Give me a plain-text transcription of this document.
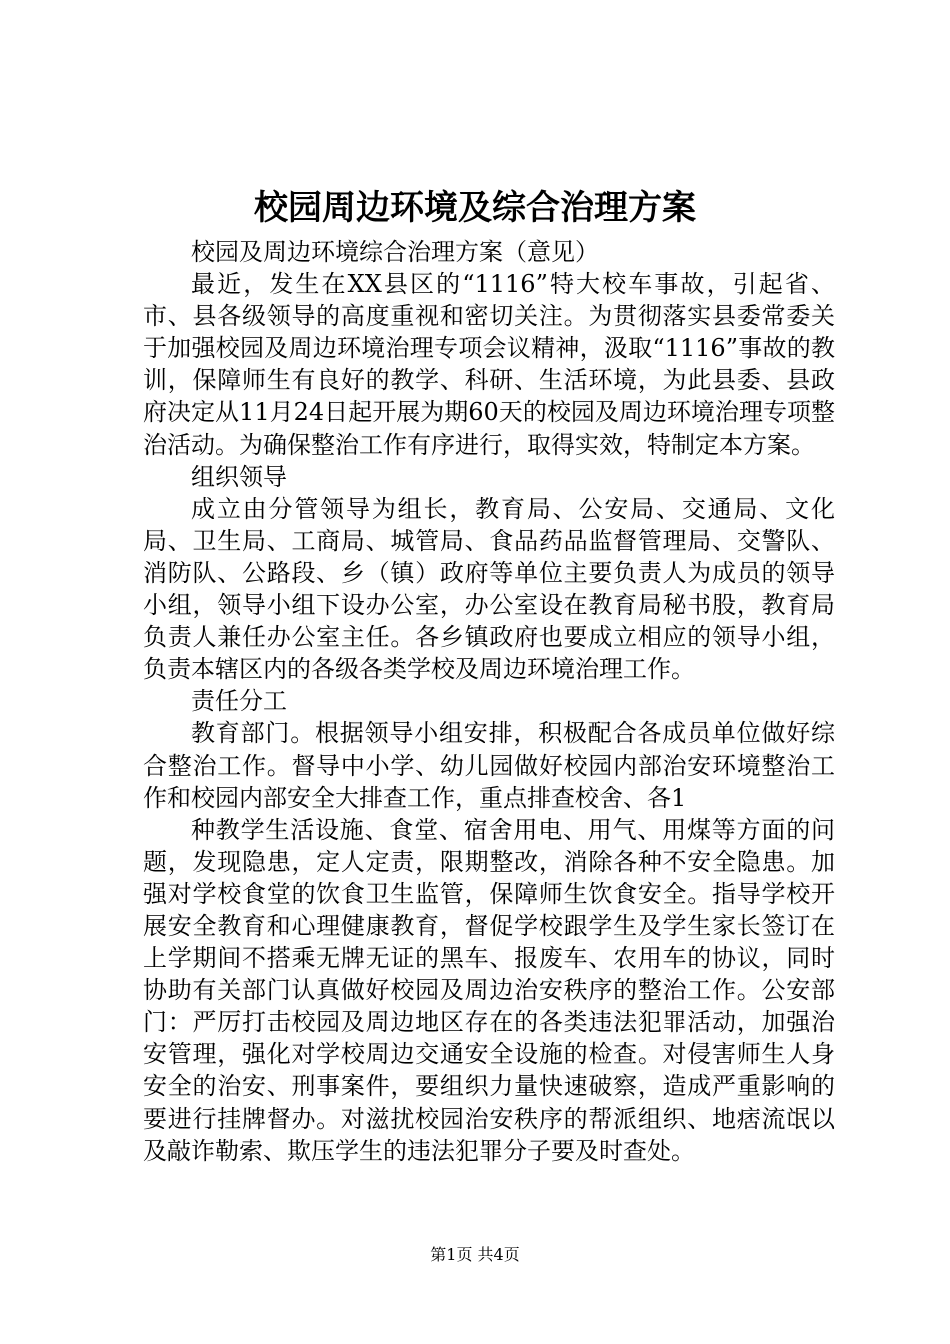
校园周边环境及综合治理方案

校园及周边环境综合治理方案（意见）

最近，发生在XX县区的“1116”特大校车事故，引起省、市、县各级领导的高度重视和密切关注。为贯彻落实县委常委关于加强校园及周边环境治理专项会议精神，汲取“1116”事故的教训，保障师生有良好的教学、科研、生活环境，为此县委、县政府决定从11月24日起开展为期60天的校园及周边环境治理专项整治活动。为确保整治工作有序进行，取得实效，特制定本方案。

组织领导

成立由分管领导为组长，教育局、公安局、交通局、文化局、卫生局、工商局、城管局、食品药品监督管理局、交警队、消防队、公路段、乡（镇）政府等单位主要负责人为成员的领导小组，领导小组下设办公室，办公室设在教育局秘书股，教育局负责人兼任办公室主任。各乡镇政府也要成立相应的领导小组，负责本辖区内的各级各类学校及周边环境治理工作。

责任分工

教育部门。根据领导小组安排，积极配合各成员单位做好综合整治工作。督导中小学、幼儿园做好校园内部治安环境整治工作和校园内部安全大排查工作，重点排查校舍、各1

种教学生活设施、食堂、宿舍用电、用气、用煤等方面的问题，发现隐患，定人定责，限期整改，消除各种不安全隐患。加强对学校食堂的饮食卫生监管，保障师生饮食安全。指导学校开展安全教育和心理健康教育，督促学校跟学生及学生家长签订在上学期间不搭乘无牌无证的黑车、报废车、农用车的协议，同时协助有关部门认真做好校园及周边治安秩序的整治工作。公安部门：严厉打击校园及周边地区存在的各类违法犯罪活动，加强治安管理，强化对学校周边交通安全设施的检查。对侵害师生人身安全的治安、刑事案件，要组织力量快速破察，造成严重影响的要进行挂牌督办。对滋扰校园治安秩序的帮派组织、地痞流氓以及敲诈勒索、欺压学生的违法犯罪分子要及时查处。

第1页 共4页
